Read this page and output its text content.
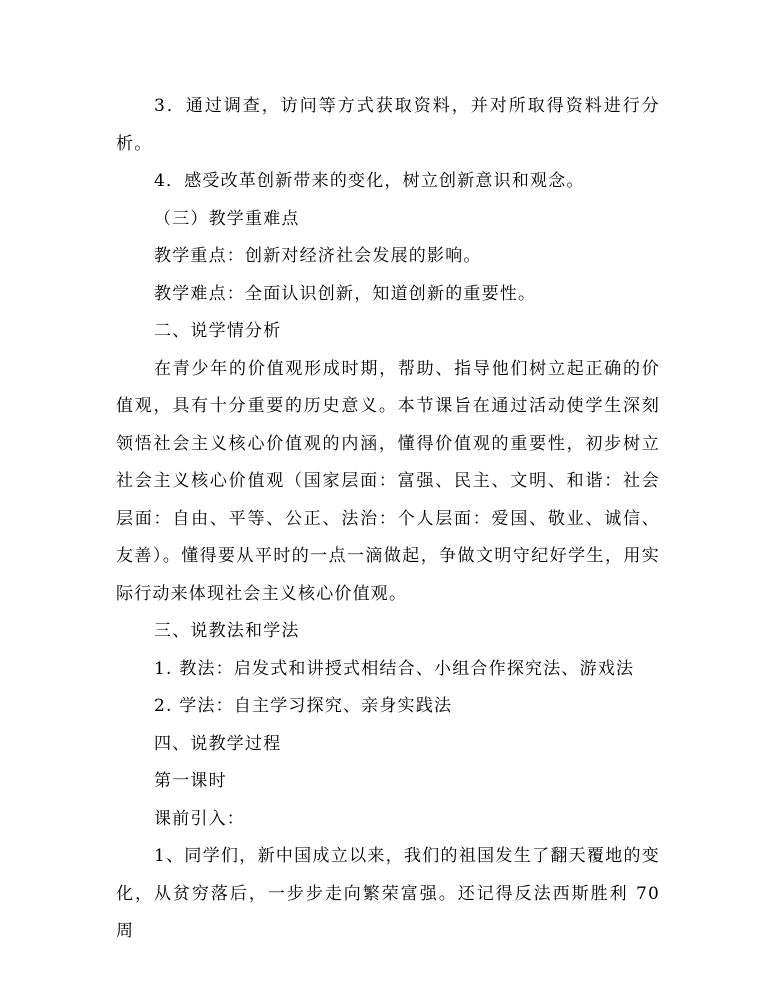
3．通过调查，访问等方式获取资料，并对所取得资料进行分析。

4．感受改革创新带来的变化，树立创新意识和观念。

（三）教学重难点

教学重点：创新对经济社会发展的影响。

教学难点：全面认识创新，知道创新的重要性。

二、说学情分析

在青少年的价值观形成时期，帮助、指导他们树立起正确的价值观，具有十分重要的历史意义。本节课旨在通过活动使学生深刻领悟社会主义核心价值观的内涵，懂得价值观的重要性，初步树立社会主义核心价值观（国家层面：富强、民主、文明、和谐：社会层面：自由、平等、公正、法治：个人层面：爱国、敬业、诚信、友善）。懂得要从平时的一点一滴做起，争做文明守纪好学生，用实际行动来体现社会主义核心价值观。

三、说教法和学法

1. 教法：启发式和讲授式相结合、小组合作探究法、游戏法

2. 学法：自主学习探究、亲身实践法

四、说教学过程

第一课时

课前引入：

1、同学们，新中国成立以来，我们的祖国发生了翻天覆地的变化，从贫穷落后，一步步走向繁荣富强。还记得反法西斯胜利 70 周
